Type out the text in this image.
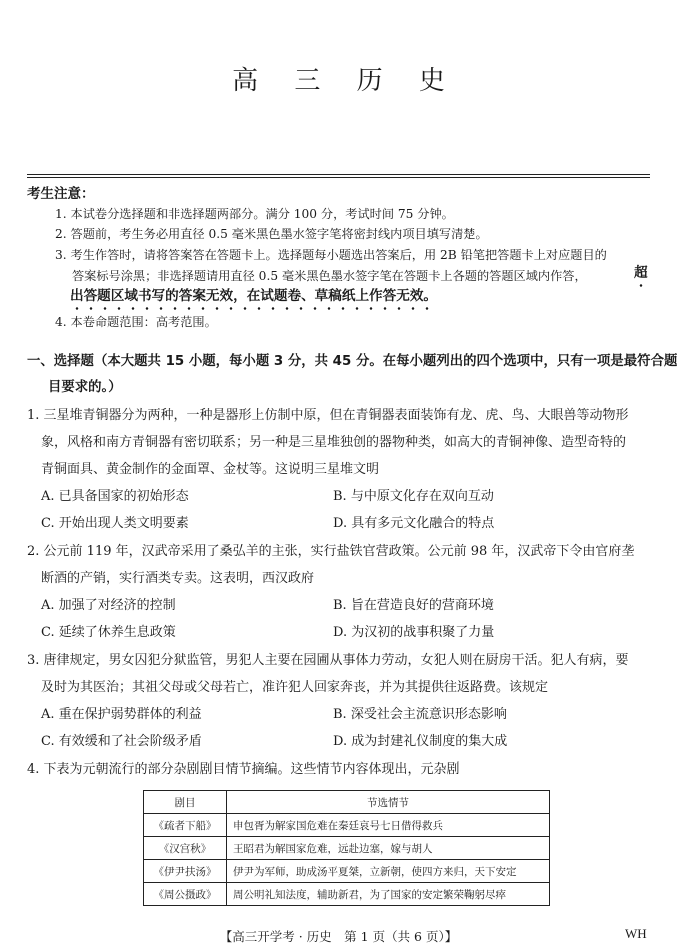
高 三 历 史
考生注意：
1. 本试卷分选择题和非选择题两部分。满分 100 分，考试时间 75 分钟。
2. 答题前，考生务必用直径 0.5 毫米黑色墨水签字笔将密封线内项目填写清楚。
3. 考生作答时，请将答案答在答题卡上。选择题每小题选出答案后，用 2B 铅笔把答题卡上对应题目的
答案标号涂黑；非选择题请用直径 0.5 毫米黑色墨水签字笔在答题卡上各题的答题区域内作答，	超
出答题区域书写的答案无效，在试题卷、草稿纸上作答无效。
4. 本卷命题范围：高考范围。
一、选择题（本大题共 15 小题，每小题 3 分，共 45 分。在每小题列出的四个选项中，只有一项是最符合题
目要求的。）
1. 三星堆青铜器分为两种，一种是器形上仿制中原，但在青铜器表面装饰有龙、虎、鸟、大眼兽等动物形
象，风格和南方青铜器有密切联系；另一种是三星堆独创的器物种类，如高大的青铜神像、造型奇特的
青铜面具、黄金制作的金面罩、金杖等。这说明三星堆文明
A. 已具备国家的初始形态	B. 与中原文化存在双向互动
C. 开始出现人类文明要素	D. 具有多元文化融合的特点
2. 公元前 119 年，汉武帝采用了桑弘羊的主张，实行盐铁官营政策。公元前 98 年，汉武帝下令由官府垄
断酒的产销，实行酒类专卖。这表明，西汉政府
A. 加强了对经济的控制	B. 旨在营造良好的营商环境
C. 延续了休养生息政策	D. 为汉初的战事积聚了力量
3. 唐律规定，男女囚犯分狱监管，男犯人主要在园圃从事体力劳动，女犯人则在厨房干活。犯人有病，要
及时为其医治；其祖父母或父母若亡，准许犯人回家奔丧，并为其提供往返路费。该规定
A. 重在保护弱势群体的利益	B. 深受社会主流意识形态影响
C. 有效缓和了社会阶级矛盾	D. 成为封建礼仪制度的集大成
4. 下表为元朝流行的部分杂剧剧目情节摘编。这些情节内容体现出，元杂剧
剧目	节选情节
《疏者下船》	申包胥为解家国危难在秦廷哀号七日借得救兵
《汉宫秋》	王昭君为解国家危难，远赴边塞，嫁与胡人
《伊尹扶汤》	伊尹为军师，助成汤平夏桀，立新朝，使四方来归，天下安定
《周公摄政》	周公明礼知法度，辅助新君，为了国家的安定繁荣鞠躬尽瘁
【高三开学考 · 历史　第 1 页（共 6 页）】	WH
